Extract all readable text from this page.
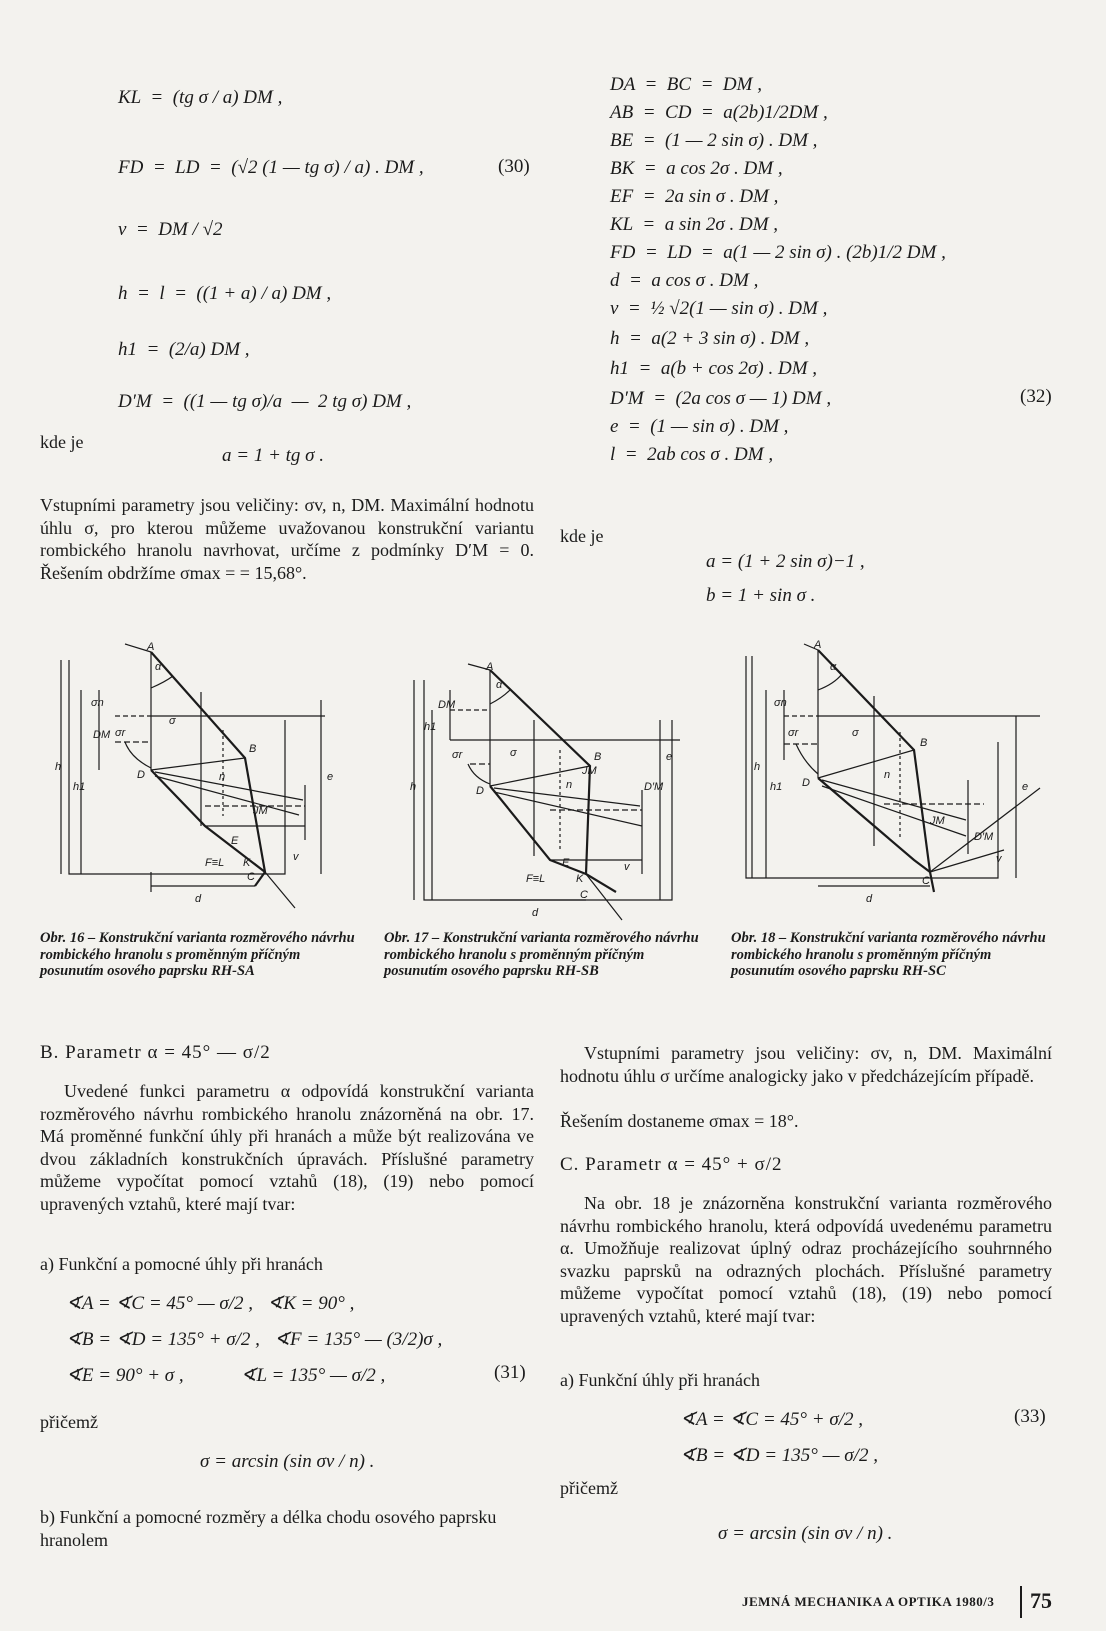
KL  =  (tg σ / a) DM ,
FD  =  LD  =  (√2 (1 — tg σ) / a) . DM ,
v  =  DM / √2
h  =  l  =  ((1 + a) / a) DM ,
h1  =  (2/a) DM ,
D′M  =  ((1 — tg σ)/a  —  2 tg σ) DM ,
(30)
kde je
a = 1 + tg σ .
Vstupními parametry jsou veličiny: σv, n, DM. Maximální hodnotu úhlu σ, pro kterou můžeme uvažovanou konstrukční variantu rombického hranolu navrhovat, určíme z podmínky D′M = 0. Řešením obdržíme σmax = = 15,68°.
DA  =  BC  =  DM ,
AB  =  CD  =  a(2b)1/2DM ,
BE  =  (1 — 2 sin σ) . DM ,
BK  =  a cos 2σ . DM ,
EF  =  2a sin σ . DM ,
KL  =  a sin 2σ . DM ,
FD  =  LD  =  a(1 — 2 sin σ) . (2b)1/2 DM ,
d  =  a cos σ . DM ,
v  =  ½ √2(1 — sin σ) . DM ,
h  =  a(2 + 3 sin σ) . DM ,
h1  =  a(b + cos 2σ) . DM ,
D′M  =  (2a cos σ — 1) DM ,
e  =  (1 — sin σ) . DM ,
l  =  2ab cos σ . DM ,
(32)
kde je
a = (1 + 2 sin σ)−1 ,
b = 1 + sin σ .
A
B
D
E
F≡L K
C
n
σ
σr
σn
α
h
h1
e
d
DM
JM
v
A
B
D
E
F≡L	K
C
n
σ
σr
DM
α
h
h1
e
d
D′M
JM
v
A
B
D
C
n
σ
σr
σn
α
h
h1	e
d
D′M
JM
v
Obr. 16 – Konstrukční varianta rozměrového návrhu rombického hranolu s proměnným příčným posunutím osového paprsku RH-SA
Obr. 17 – Konstrukční varianta rozměrového návrhu rombického hranolu s proměnným příčným posunutím osového paprsku RH-SB
Obr. 18 – Konstrukční varianta rozměrového návrhu rombického hranolu s proměnným příčným posunutím osového paprsku RH-SC
B. Parametr α = 45° — σ/2
Uvedené funkci parametru α odpovídá konstrukční varianta rozměrového návrhu rombického hranolu znázorněná na obr. 17. Má proměnné funkční úhly při hranách a může být realizována ve dvou základních konstrukčních úpravách. Příslušné parametry můžeme vypočítat pomocí vztahů (18), (19) nebo pomocí upravených vztahů, které mají tvar:
a) Funkční a pomocné úhly při hranách
∢A = ∢C = 45° — σ/2 ,   ∢K = 90° ,
∢B = ∢D = 135° + σ/2 ,   ∢F = 135° — (3/2)σ ,
∢E = 90° + σ ,            ∢L = 135° — σ/2 ,	(31)
přičemž
σ = arcsin (sin σv / n) .
b) Funkční a pomocné rozměry a délka chodu osového paprsku hranolem
Vstupními parametry jsou veličiny: σv, n, DM. Maximální hodnotu úhlu σ určíme analogicky jako v předcházejícím případě.
Řešením dostaneme σmax = 18°.
C. Parametr α = 45° + σ/2
Na obr. 18 je znázorněna konstrukční varianta rozměrového návrhu rombického hranolu, která odpovídá uvedenému parametru α. Umožňuje realizovat úplný odraz procházejícího souhrnného svazku paprsků na odrazných plochách. Příslušné parametry můžeme vypočítat pomocí vztahů (18), (19) nebo pomocí upravených vztahů, které mají tvar:
a) Funkční úhly při hranách
∢A = ∢C = 45° + σ/2 ,
∢B = ∢D = 135° — σ/2 ,
(33)
přičemž
σ = arcsin (sin σv / n) .
JEMNÁ MECHANIKA A OPTIKA 1980/3 75
